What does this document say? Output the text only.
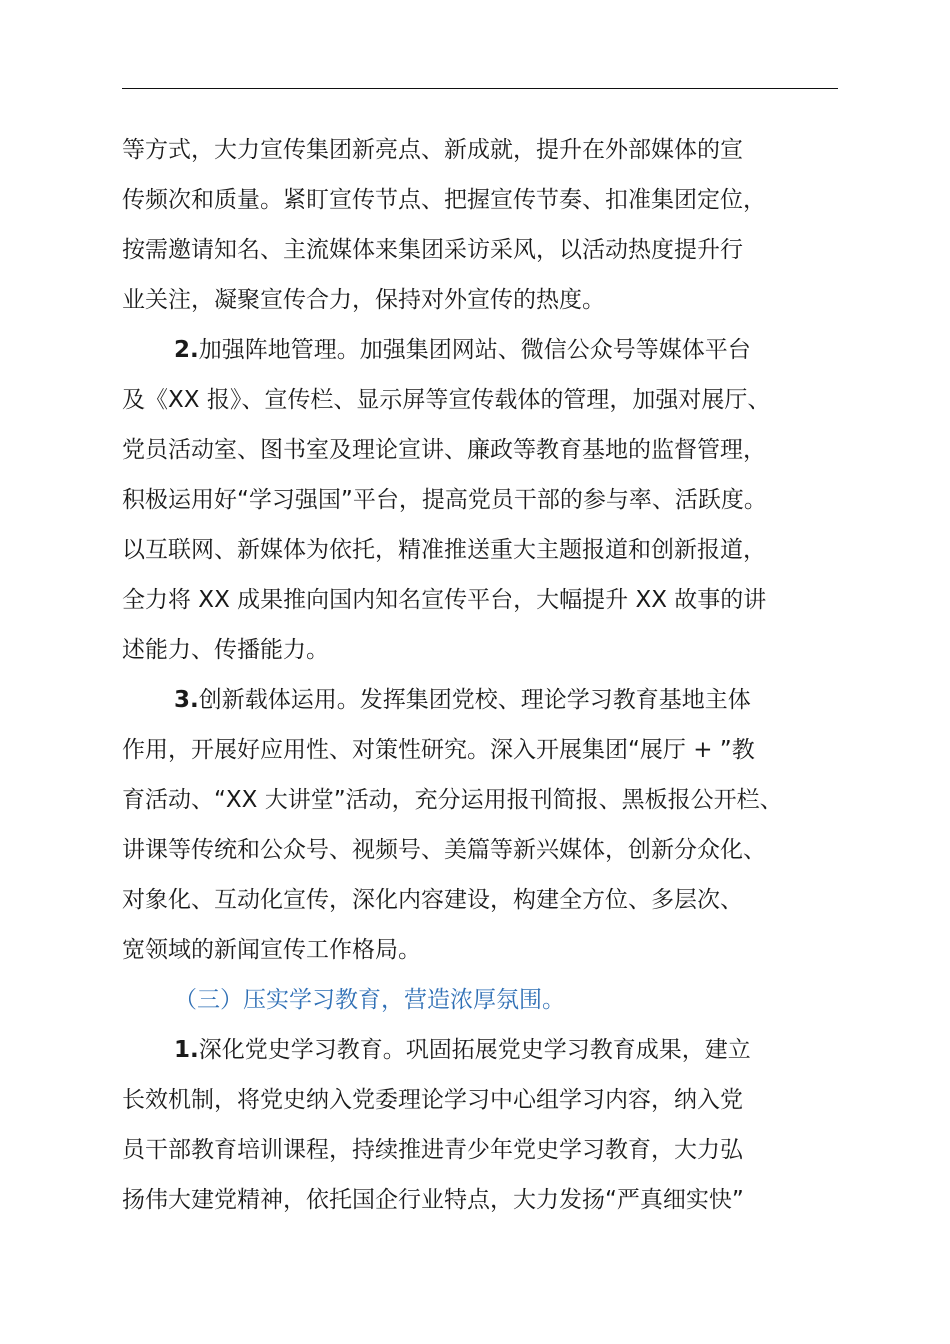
等方式，大力宣传集团新亮点、新成就，提升在外部媒体的宣
传频次和质量。紧盯宣传节点、把握宣传节奏、扣准集团定位，
按需邀请知名、主流媒体来集团采访采风，以活动热度提升行
业关注，凝聚宣传合力，保持对外宣传的热度。
2.加强阵地管理。加强集团网站、微信公众号等媒体平台
及《XX 报》、宣传栏、显示屏等宣传载体的管理，加强对展厅、
党员活动室、图书室及理论宣讲、廉政等教育基地的监督管理，
积极运用好“学习强国”平台，提高党员干部的参与率、活跃度。
以互联网、新媒体为依托，精准推送重大主题报道和创新报道，
全力将 XX 成果推向国内知名宣传平台，大幅提升 XX 故事的讲
述能力、传播能力。
3.创新载体运用。发挥集团党校、理论学习教育基地主体
作用，开展好应用性、对策性研究。深入开展集团“展厅 + ”教
育活动、“XX 大讲堂”活动，充分运用报刊简报、黑板报公开栏、
讲课等传统和公众号、视频号、美篇等新兴媒体，创新分众化、
对象化、互动化宣传，深化内容建设，构建全方位、多层次、
宽领域的新闻宣传工作格局。
（三）压实学习教育，营造浓厚氛围。
1.深化党史学习教育。巩固拓展党史学习教育成果，建立
长效机制，将党史纳入党委理论学习中心组学习内容，纳入党
员干部教育培训课程，持续推进青少年党史学习教育，大力弘
扬伟大建党精神，依托国企行业特点，大力发扬“严真细实快”
